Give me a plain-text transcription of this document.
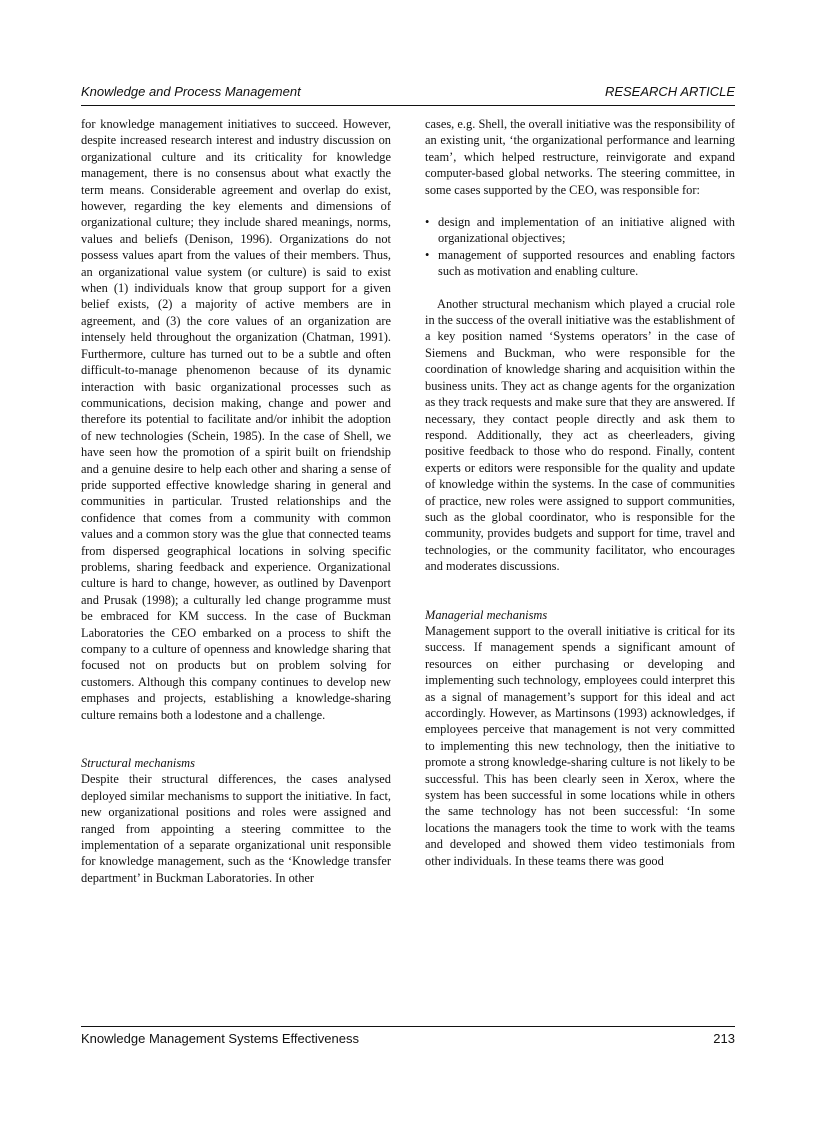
Knowledge and Process Management	RESEARCH ARTICLE

for knowledge management initiatives to succeed. However, despite increased research interest and industry discussion on organizational culture and its criticality for knowledge management, there is no consensus about what exactly the term means. Considerable agreement and overlap do exist, however, regarding the key elements and dimensions of organizational culture; they include shared meanings, norms, values and beliefs (Denison, 1996). Organizations do not possess values apart from the values of their members. Thus, an organizational value system (or culture) is said to exist when (1) individuals know that group support for a given belief exists, (2) a majority of active members are in agreement, and (3) the core values of an organization are intensely held throughout the organization (Chatman, 1991). Furthermore, culture has turned out to be a subtle and often difficult-to-manage phenomenon because of its dynamic interaction with basic organizational processes such as communications, decision making, change and power and therefore its potential to facilitate and/or inhibit the adoption of new technologies (Schein, 1985). In the case of Shell, we have seen how the promotion of a spirit built on friendship and a genuine desire to help each other and sharing a sense of pride supported effective knowledge sharing in general and communities in particular. Trusted relationships and the confidence that comes from a community with common values and a common story was the glue that connected teams from dispersed geographical locations in solving specific problems, sharing feedback and experience. Organizational culture is hard to change, however, as outlined by Davenport and Prusak (1998); a culturally led change programme must be embraced for KM success. In the case of Buckman Laboratories the CEO embarked on a process to shift the company to a culture of openness and knowledge sharing that focused not on products but on problem solving for customers. Although this company continues to develop new emphases and projects, establishing a knowledge-sharing culture remains both a lodestone and a challenge.

Structural mechanisms

Despite their structural differences, the cases analysed deployed similar mechanisms to support the initiative. In fact, new organizational positions and roles were assigned and ranged from appointing a steering committee to the implementation of a separate organizational unit responsible for knowledge management, such as the ‘Knowledge transfer department’ in Buckman Laboratories. In other

cases, e.g. Shell, the overall initiative was the responsibility of an existing unit, ‘the organizational performance and learning team’, which helped restructure, reinvigorate and expand computer-based global networks. The steering committee, in some cases supported by the CEO, was responsible for:

• design and implementation of an initiative aligned with organizational objectives;
• management of supported resources and enabling factors such as motivation and enabling culture.

Another structural mechanism which played a crucial role in the success of the overall initiative was the establishment of a key position named ‘Systems operators’ in the case of Siemens and Buckman, who were responsible for the coordination of knowledge sharing and acquisition within the business units. They act as change agents for the organization as they track requests and make sure that they are answered. If necessary, they contact people directly and ask them to respond. Additionally, they act as cheerleaders, giving positive feedback to those who do respond. Finally, content experts or editors were responsible for the quality and update of knowledge within the systems. In the case of communities of practice, new roles were assigned to support communities, such as the global coordinator, who is responsible for the community, provides budgets and support for time, travel and technologies, or the community facilitator, who encourages and moderates discussions.

Managerial mechanisms

Management support to the overall initiative is critical for its success. If management spends a significant amount of resources on either purchasing or developing and implementing such technology, employees could interpret this as a signal of management’s support for this ideal and act accordingly. However, as Martinsons (1993) acknowledges, if employees perceive that management is not very committed to implementing this new technology, then the initiative to promote a strong knowledge-sharing culture is not likely to be successful. This has been clearly seen in Xerox, where the system has been successful in some locations while in others the same technology has not been successful: ‘In some locations the managers took the time to work with the teams and developed and showed them video testimonials from other individuals. In these teams there was good

Knowledge Management Systems Effectiveness	213
